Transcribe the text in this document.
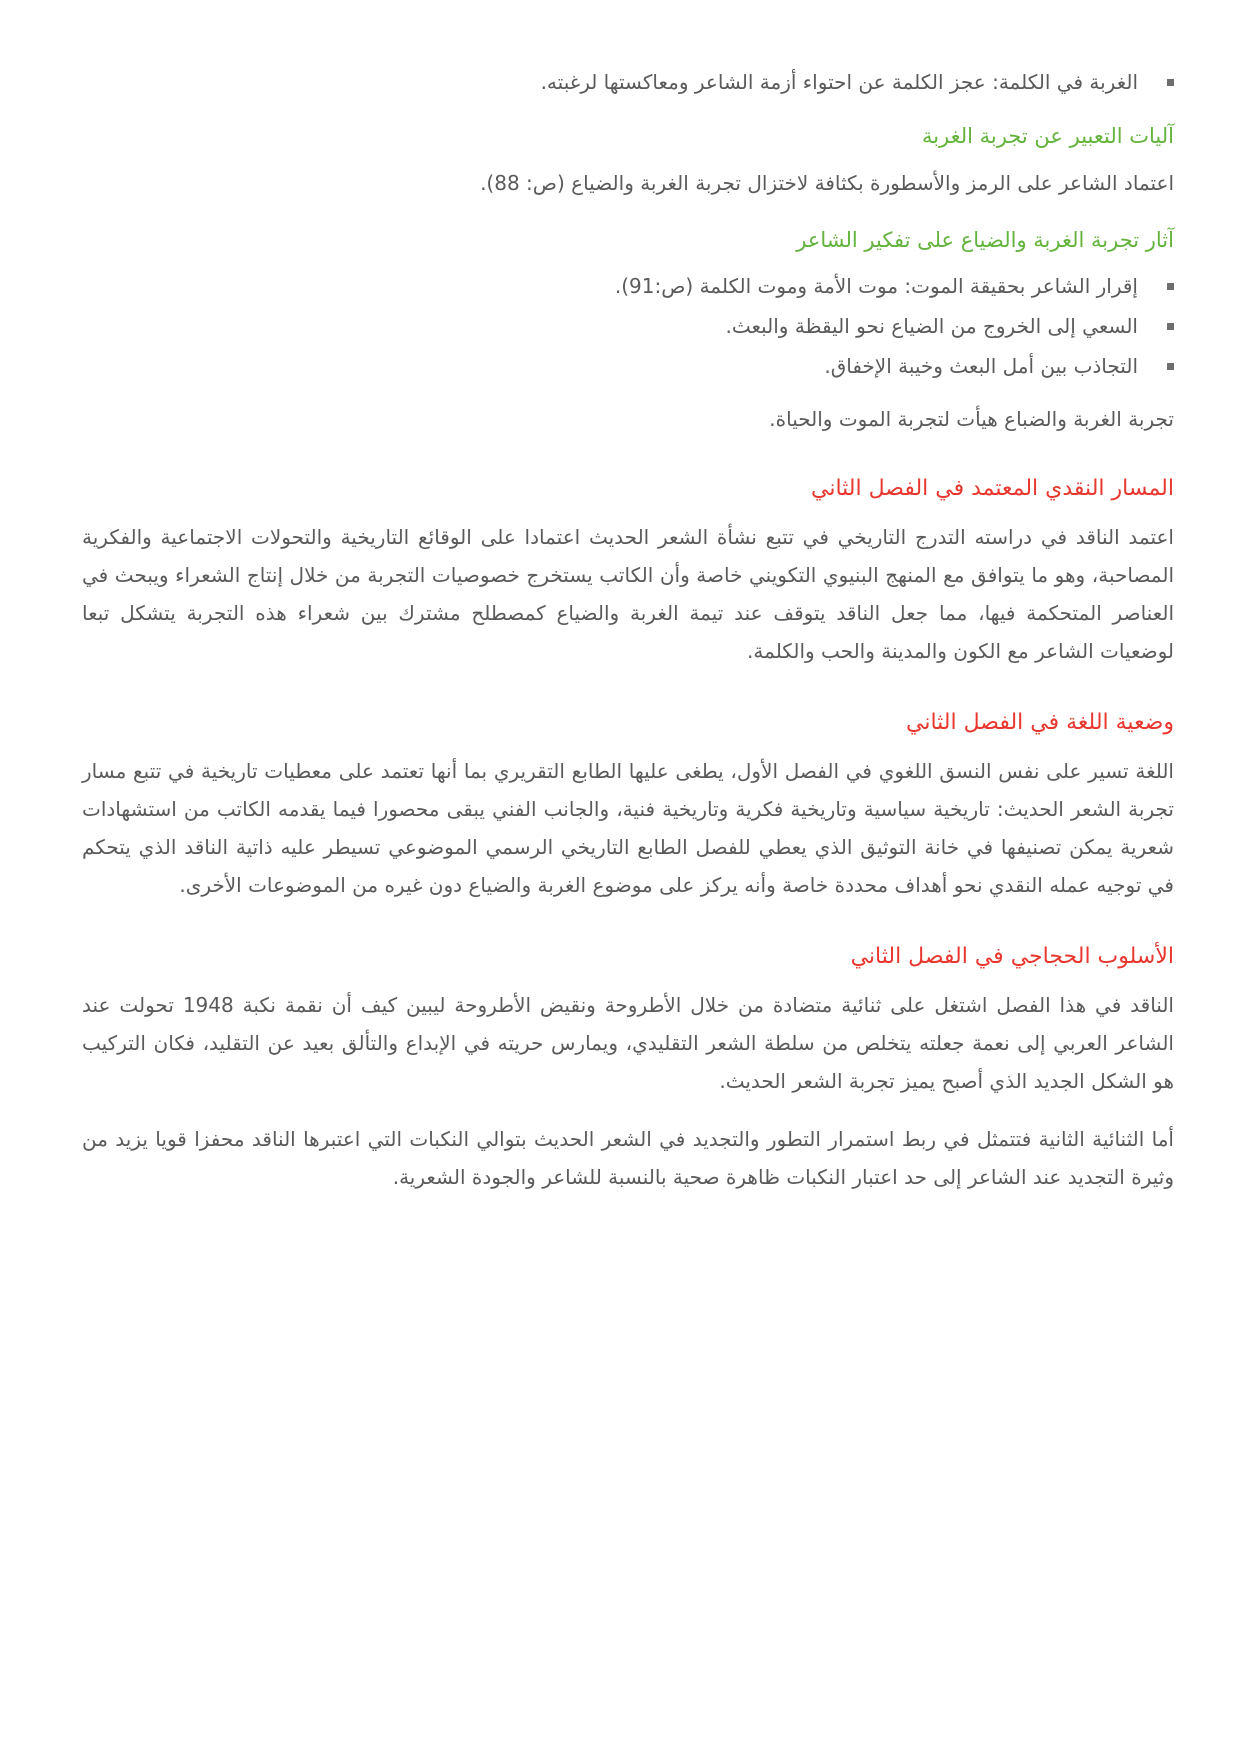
الغربة في الكلمة: عجز الكلمة عن احتواء أزمة الشاعر ومعاكستها لرغبته.
آليات التعبير عن تجربة الغربة

اعتماد الشاعر على الرمز والأسطورة بكثافة لاختزال تجربة الغربة والضياع (ص: 88).

آثار تجربة الغربة والضياع على تفكير الشاعر
إقرار الشاعر بحقيقة الموت: موت الأمة وموت الكلمة (ص:91).
السعي إلى الخروج من الضياع نحو اليقظة والبعث.
التجاذب بين أمل البعث وخيبة الإخفاق.

تجربة الغربة والضباع هيأت لتجربة الموت والحياة.

المسار النقدي المعتمد في الفصل الثاني

اعتمد الناقد في دراسته التدرج التاريخي في تتبع نشأة الشعر الحديث اعتمادا على الوقائع التاريخية والتحولات الاجتماعية والفكرية المصاحبة، وهو ما يتوافق مع المنهج البنيوي التكويني خاصة وأن الكاتب يستخرج خصوصيات التجربة من خلال إنتاج الشعراء ويبحث في العناصر المتحكمة فيها، مما جعل الناقد يتوقف عند تيمة الغربة والضياع كمصطلح مشترك بين شعراء هذه التجربة يتشكل تبعا لوضعيات الشاعر مع الكون والمدينة والحب والكلمة.

وضعية اللغة في الفصل الثاني

اللغة تسير على نفس النسق اللغوي في الفصل الأول، يطغى عليها الطابع التقريري بما أنها تعتمد على معطيات تاريخية في تتبع مسار تجربة الشعر الحديث: تاريخية سياسية وتاريخية فكرية وتاريخية فنية، والجانب الفني يبقى محصورا فيما يقدمه الكاتب من استشهادات شعرية يمكن تصنيفها في خانة التوثيق الذي يعطي للفصل الطابع التاريخي الرسمي الموضوعي تسيطر عليه ذاتية الناقد الذي يتحكم في توجيه عمله النقدي نحو أهداف محددة خاصة وأنه يركز على موضوع الغربة والضياع دون غيره من الموضوعات الأخرى.

الأسلوب الحجاجي في الفصل الثاني

الناقد في هذا الفصل اشتغل على ثنائية متضادة من خلال الأطروحة ونقيض الأطروحة ليبين كيف أن نقمة نكبة 1948 تحولت عند الشاعر العربي إلى نعمة جعلته يتخلص من سلطة الشعر التقليدي، ويمارس حريته في الإبداع والتألق بعيد عن التقليد، فكان التركيب هو الشكل الجديد الذي أصبح يميز تجربة الشعر الحديث.

أما الثنائية الثانية فتتمثل في ربط استمرار التطور والتجديد في الشعر الحديث بتوالي النكبات التي اعتبرها الناقد محفزا قويا يزيد من وثيرة التجديد عند الشاعر إلى حد اعتبار النكبات ظاهرة صحية بالنسبة للشاعر والجودة الشعرية.
